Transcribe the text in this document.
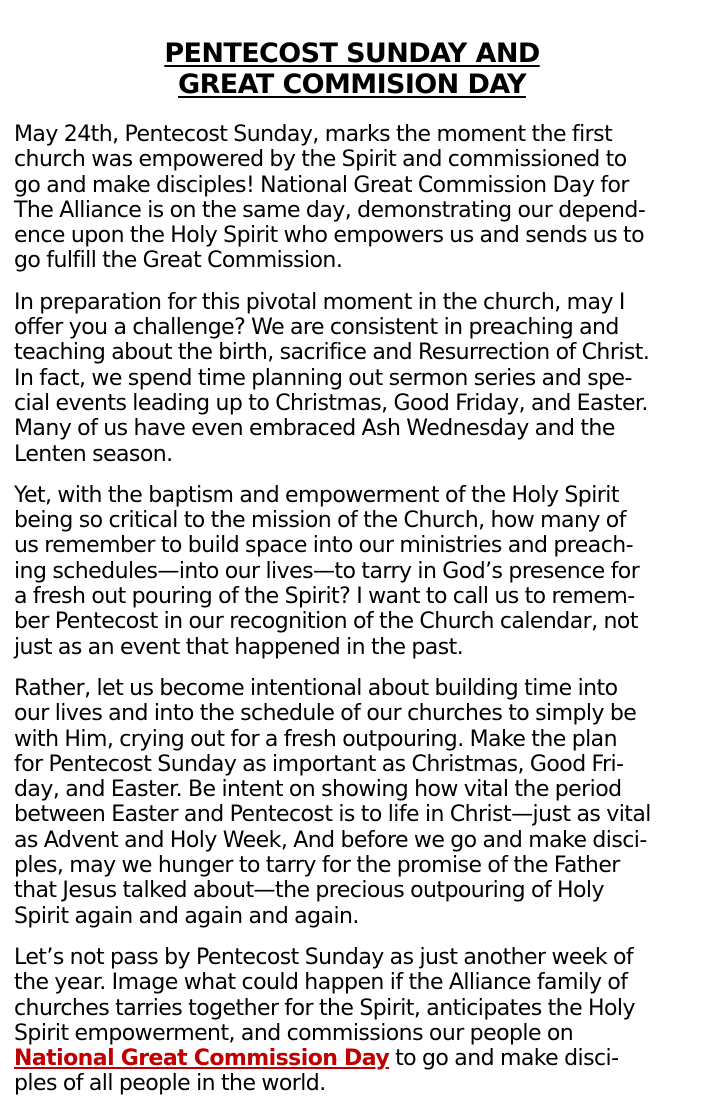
PENTECOST SUNDAY AND
GREAT COMMISION DAY

May 24th, Pentecost Sunday, marks the moment the first
church was empowered by the Spirit and commissioned to
go and make disciples! National Great Commission Day for
The Alliance is on the same day, demonstrating our depend-
ence upon the Holy Spirit who empowers us and sends us to
go fulfill the Great Commission.

In preparation for this pivotal moment in the church, may I
offer you a challenge? We are consistent in preaching and
teaching about the birth, sacrifice and Resurrection of Christ.
In fact, we spend time planning out sermon series and spe-
cial events leading up to Christmas, Good Friday, and Easter.
Many of us have even embraced Ash Wednesday and the
Lenten season.

Yet, with the baptism and empowerment of the Holy Spirit
being so critical to the mission of the Church, how many of
us remember to build space into our ministries and preach-
ing schedules—into our lives—to tarry in God’s presence for
a fresh out pouring of the Spirit? I want to call us to remem-
ber Pentecost in our recognition of the Church calendar, not
just as an event that happened in the past.

Rather, let us become intentional about building time into
our lives and into the schedule of our churches to simply be
with Him, crying out for a fresh outpouring. Make the plan
for Pentecost Sunday as important as Christmas, Good Fri-
day, and Easter. Be intent on showing how vital the period
between Easter and Pentecost is to life in Christ—just as vital
as Advent and Holy Week, And before we go and make disci-
ples, may we hunger to tarry for the promise of the Father
that Jesus talked about—the precious outpouring of Holy
Spirit again and again and again.

Let’s not pass by Pentecost Sunday as just another week of
the year. Image what could happen if the Alliance family of
churches tarries together for the Spirit, anticipates the Holy
Spirit empowerment, and commissions our people on
National Great Commission Day to go and make disci-
ples of all people in the world.
